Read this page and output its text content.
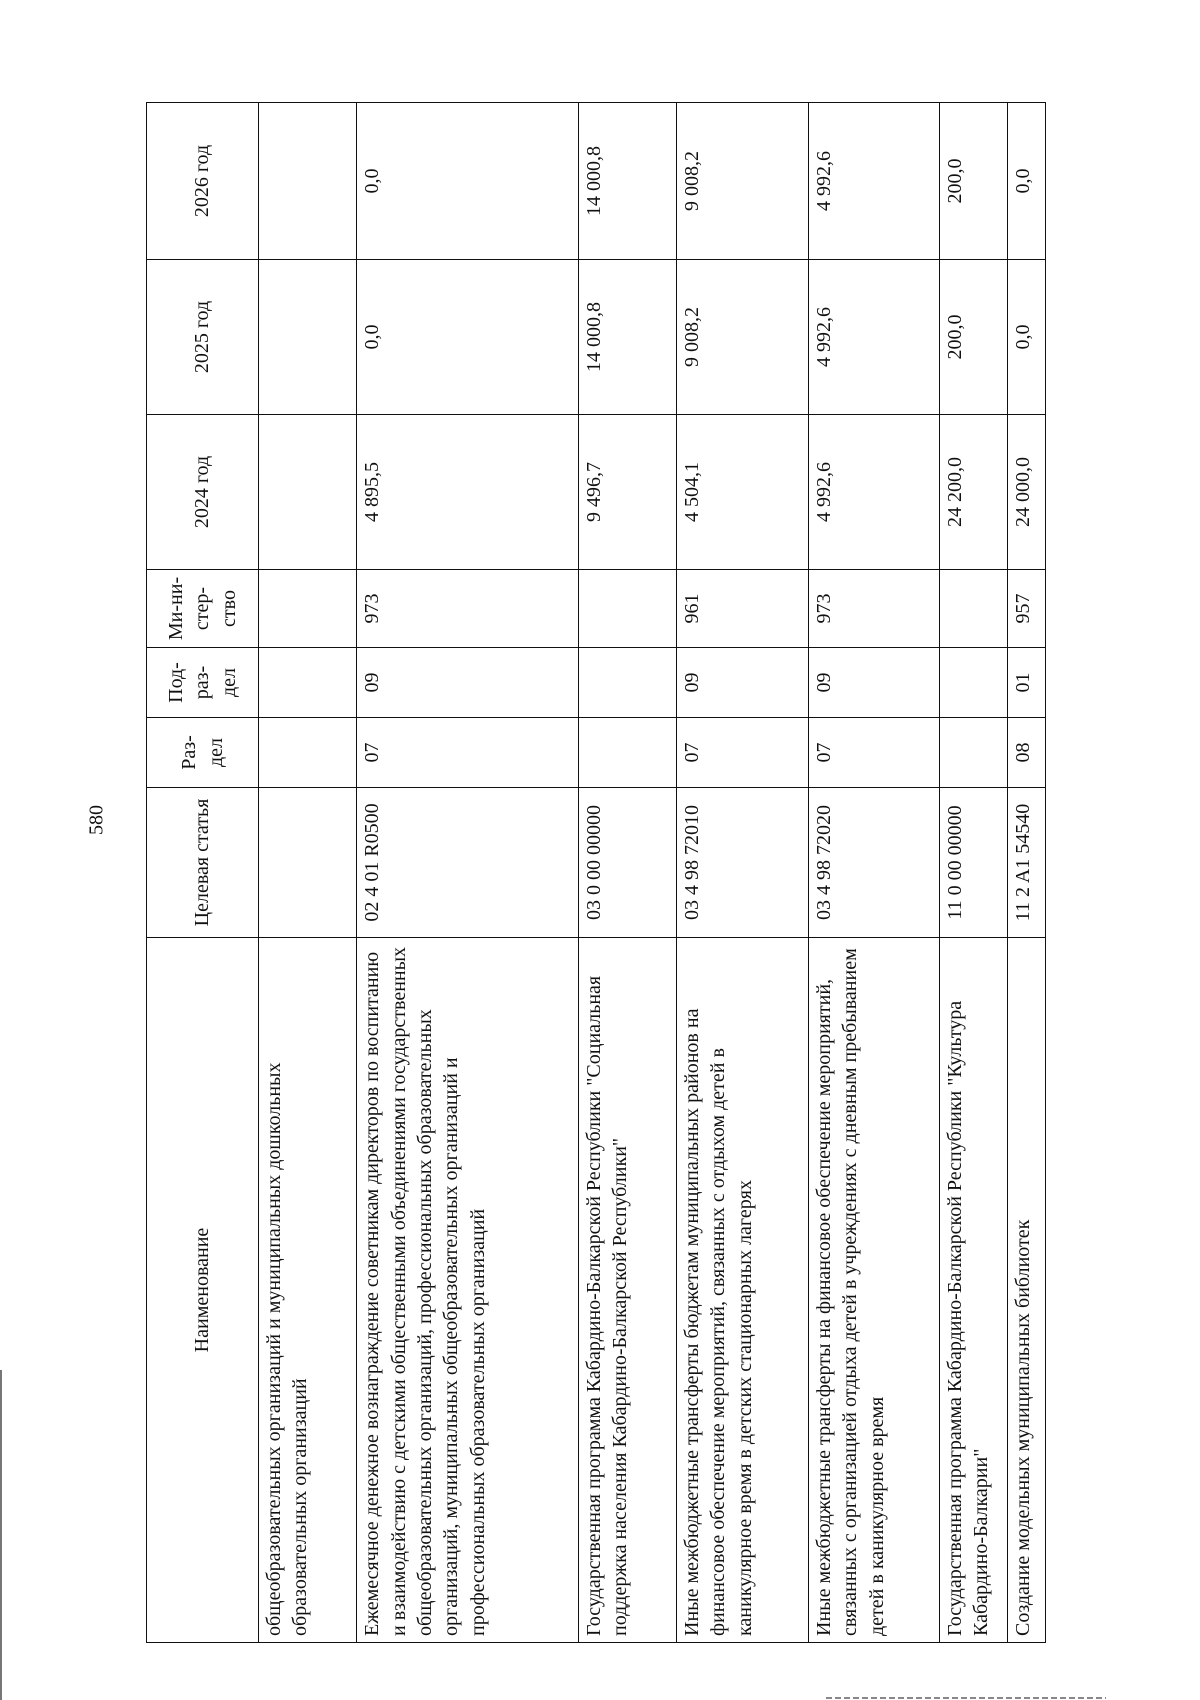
580
Наименование	Целевая статья	Раз-дел	Под-раз-дел	Ми-ни-стер-ство	2024 год	2025 год	2026 год
общеобразовательных организаций и муниципальных дошкольных образовательных организаций							
Ежемесячное денежное вознаграждение советникам директоров по воспитанию и взаимодействию с детскими общественными объединениями государственных общеобразовательных организаций, профессиональных образовательных организаций, муниципальных общеобразовательных организаций и профессиональных образовательных организаций	02 4 01 R0500	07	09	973	4 895,5	0,0	0,0
Государственная программа Кабардино-Балкарской Республики "Социальная поддержка населения Кабардино-Балкарской Республики"	03 0 00 00000				9 496,7	14 000,8	14 000,8
Иные межбюджетные трансферты бюджетам муниципальных районов на финансовое обеспечение мероприятий, связанных с отдыхом детей в каникулярное время в детских стационарных лагерях	03 4 98 72010	07	09	961	4 504,1	9 008,2	9 008,2
Иные межбюджетные трансферты на финансовое обеспечение мероприятий, связанных с организацией отдыха детей в учреждениях с дневным пребыванием детей в каникулярное время	03 4 98 72020	07	09	973	4 992,6	4 992,6	4 992,6
Государственная программа Кабардино-Балкарской Республики "Культура Кабардино-Балкарии"	11 0 00 00000				24 200,0	200,0	200,0
Создание модельных муниципальных библиотек	11 2 A1 54540	08	01	957	24 000,0	0,0	0,0
